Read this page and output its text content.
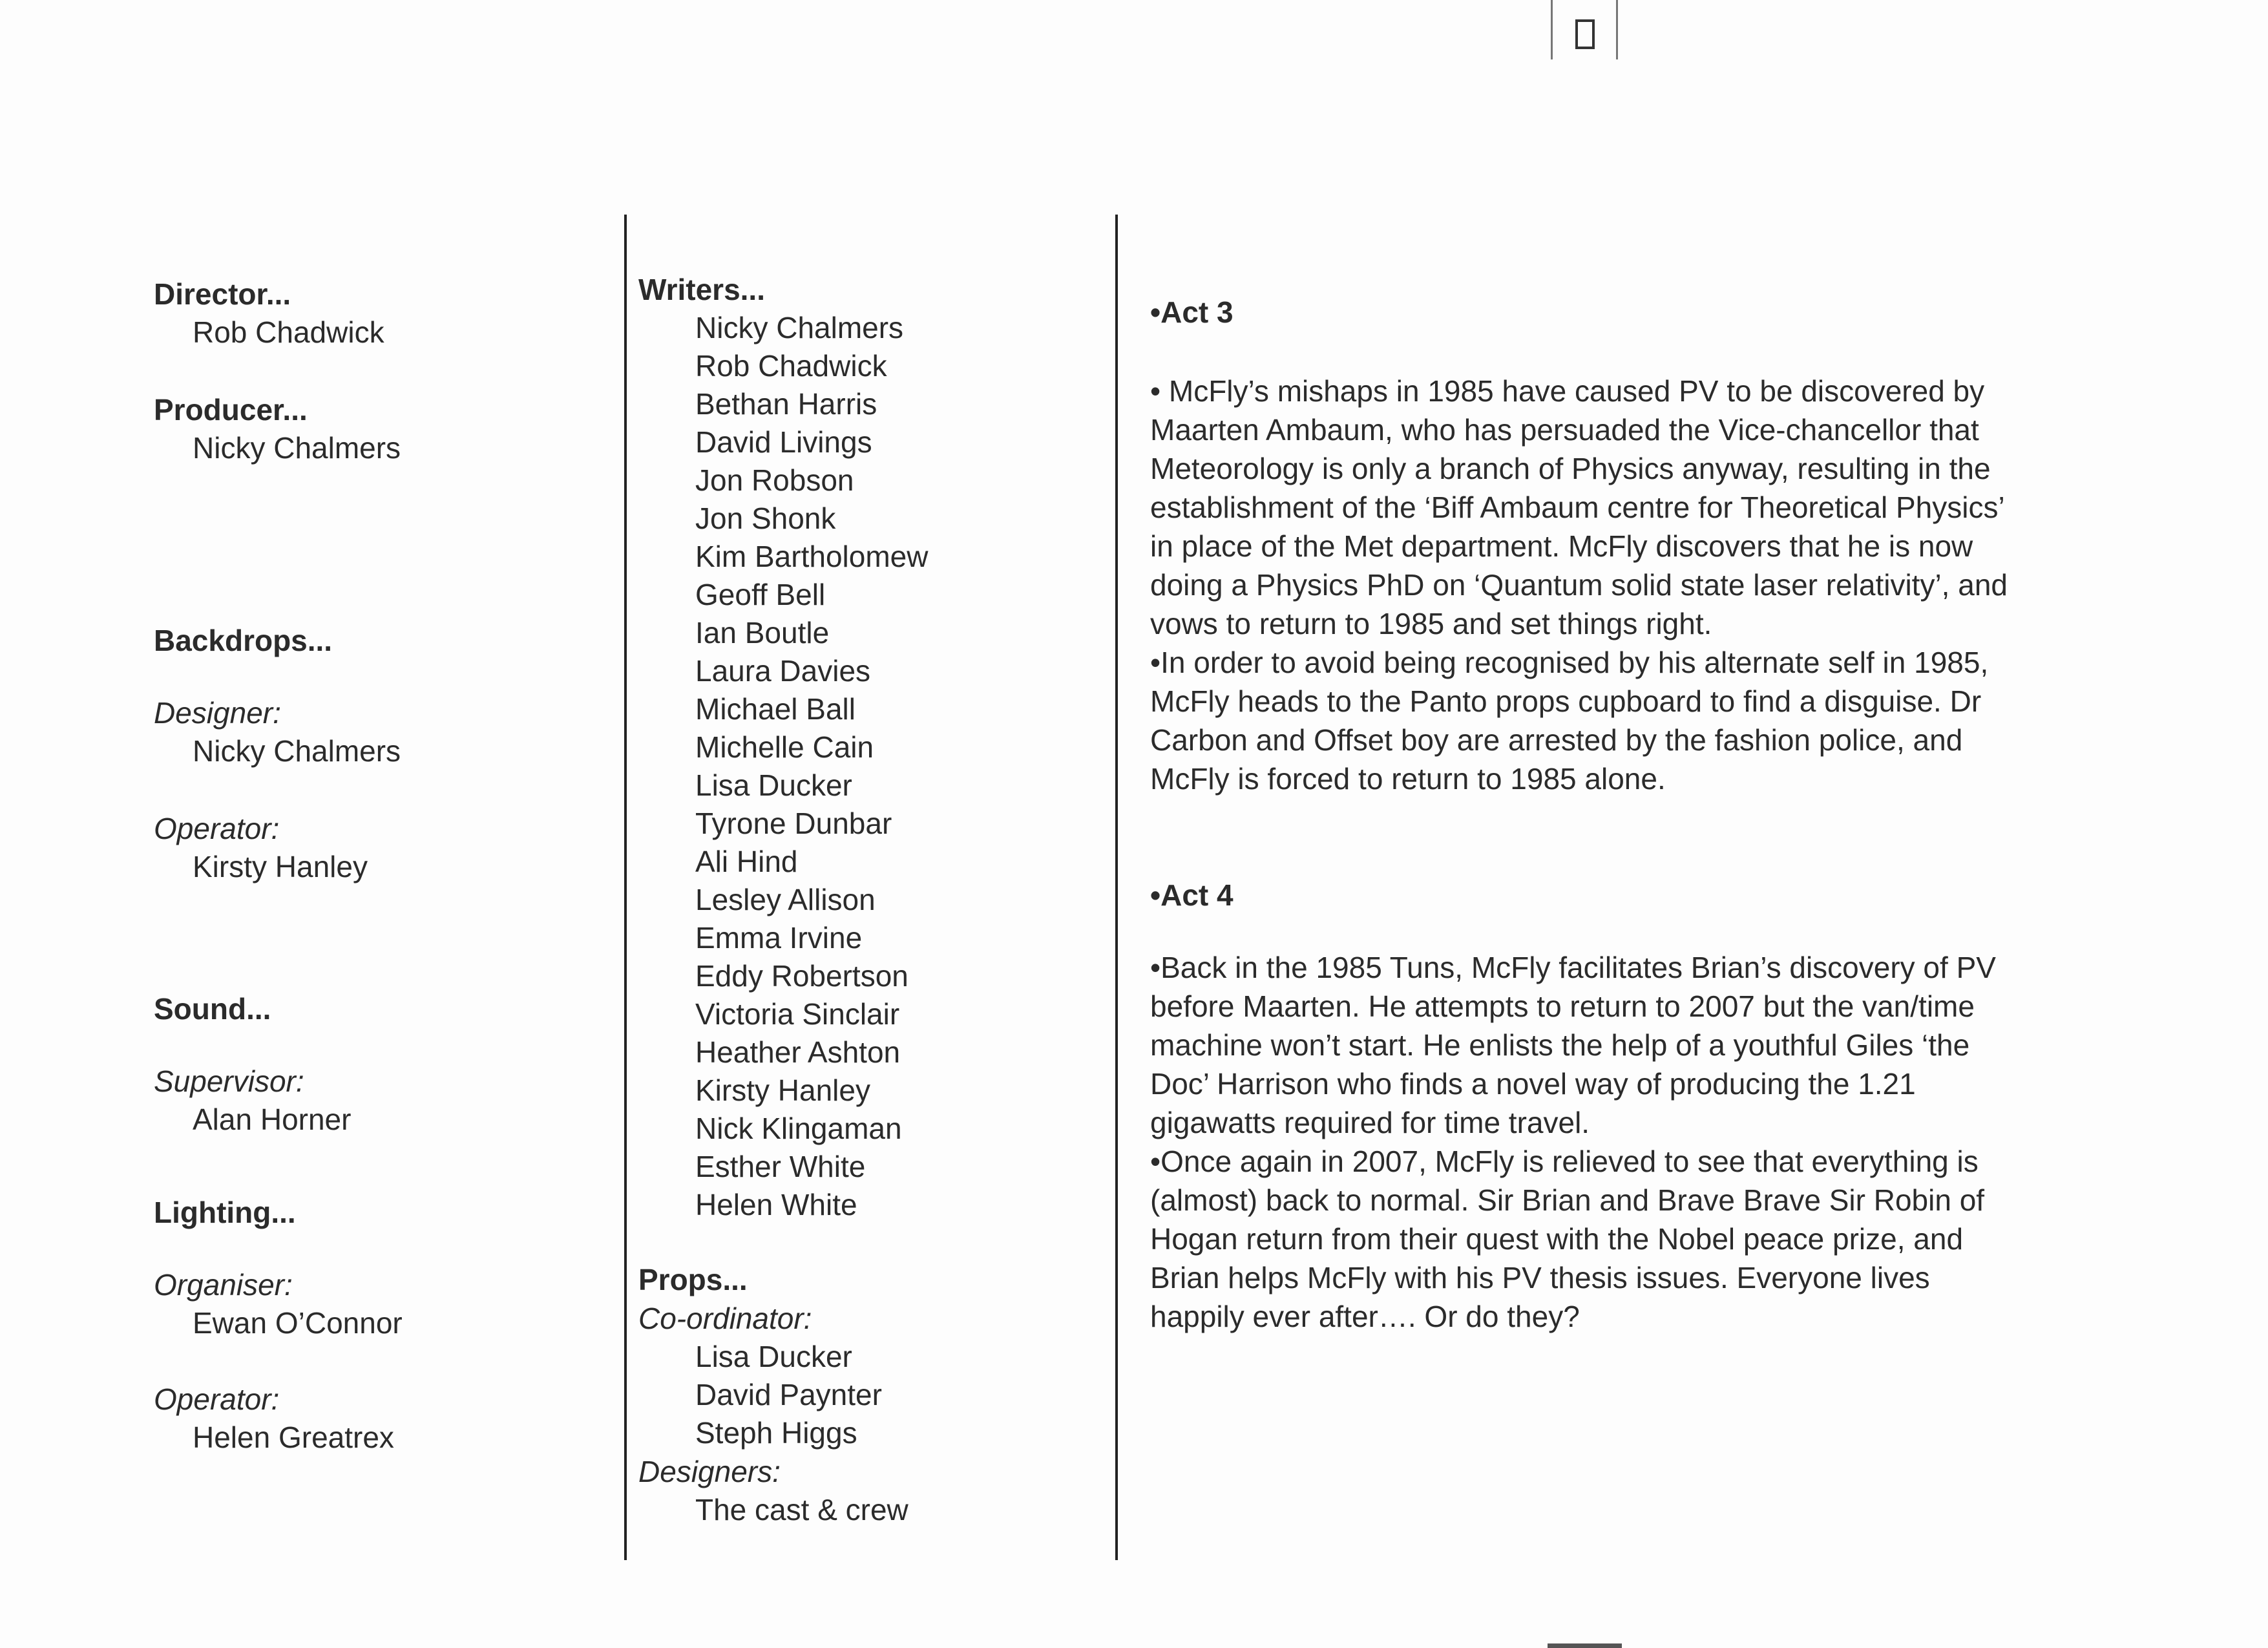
Director...

Rob Chadwick

Producer...

Nicky Chalmers

Backdrops...

Designer:

Nicky Chalmers

Operator:

Kirsty Hanley

Sound...

Supervisor:

Alan Horner

Lighting...

Organiser:

Ewan O’Connor

Operator:

Helen Greatrex

Writers...

Nicky Chalmers

Rob Chadwick

Bethan Harris

David Livings

Jon Robson

Jon Shonk

Kim Bartholomew

Geoff Bell

Ian Boutle

Laura Davies

Michael Ball

Michelle Cain

Lisa Ducker

Tyrone Dunbar

Ali Hind

Lesley Allison

Emma Irvine

Eddy Robertson

Victoria Sinclair

Heather Ashton

Kirsty Hanley

Nick Klingaman

Esther White

Helen White

Props...

Co-ordinator:

Lisa Ducker

David Paynter

Steph Higgs

Designers:

The cast & crew

•Act 3

• McFly’s mishaps in 1985 have caused PV to be discovered by
Maarten Ambaum, who has persuaded the Vice-chancellor that
Meteorology is only a branch of Physics anyway, resulting in the
establishment of the ‘Biff Ambaum centre for Theoretical Physics’
in place of the Met department. McFly discovers that he is now
doing a Physics PhD on ‘Quantum solid state laser relativity’, and
vows to return to 1985 and set things right.
•In order to avoid being recognised by his alternate self in 1985,
McFly heads to the Panto props cupboard to find a disguise. Dr
Carbon and Offset boy are arrested by the fashion police, and
McFly is forced to return to 1985 alone.

•Act 4

•Back in the 1985 Tuns, McFly facilitates Brian’s discovery of PV
before Maarten. He attempts to return to 2007 but the van/time
machine won’t start. He enlists the help of a youthful Giles ‘the
Doc’ Harrison who finds a novel way of producing the 1.21
gigawatts required for time travel.
•Once again in 2007, McFly is relieved to see that everything is
(almost) back to normal. Sir Brian and Brave Brave Sir Robin of
Hogan return from their quest with the Nobel peace prize, and
Brian helps McFly with his PV thesis issues. Everyone lives
happily ever after…. Or do they?
